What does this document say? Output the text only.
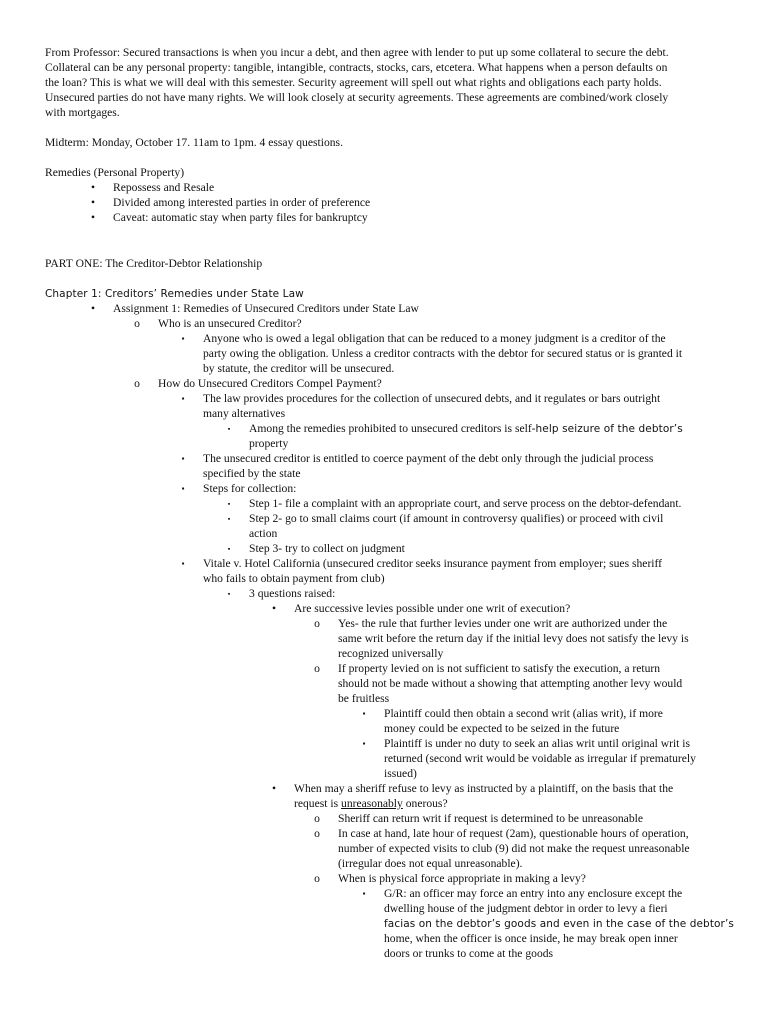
From Professor: Secured transactions is when you incur a debt, and then agree with lender to put up some collateral to secure the debt.
Collateral can be any personal property: tangible, intangible, contracts, stocks, cars, etcetera. What happens when a person defaults on
the loan? This is what we will deal with this semester. Security agreement will spell out what rights and obligations each party holds.
Unsecured parties do not have many rights. We will look closely at security agreements. These agreements are combined/work closely
with mortgages.
Midterm: Monday, October 17. 11am to 1pm. 4 essay questions.
Remedies (Personal Property)
•	Repossess and Resale
•	Divided among interested parties in order of preference
•	Caveat: automatic stay when party files for bankruptcy
PART ONE: The Creditor-Debtor Relationship
Chapter 1: Creditors’ Remedies under State Law
•	Assignment 1: Remedies of Unsecured Creditors under State Law
o Who is an unsecured Creditor?
▪	Anyone who is owed a legal obligation that can be reduced to a money judgment is a creditor of the
party owing the obligation. Unless a creditor contracts with the debtor for secured status or is granted it
by statute, the creditor will be unsecured.
o How do Unsecured Creditors Compel Payment?
▪	The law provides procedures for the collection of unsecured debts, and it regulates or bars outright
many alternatives
▪	Among the remedies prohibited to unsecured creditors is self-help seizure of the debtor’s
property
▪	The unsecured creditor is entitled to coerce payment of the debt only through the judicial process
specified by the state
▪	Steps for collection:
▪	Step 1- file a complaint with an appropriate court, and serve process on the debtor-defendant.
▪	Step 2- go to small claims court (if amount in controversy qualifies) or proceed with civil
action
▪	Step 3- try to collect on judgment
▪	Vitale v. Hotel California (unsecured creditor seeks insurance payment from employer; sues sheriff
who fails to obtain payment from club)
▪	3 questions raised:
•	Are successive levies possible under one writ of execution?
o Yes- the rule that further levies under one writ are authorized under the
same writ before the return day if the initial levy does not satisfy the levy is
recognized universally
o If property levied on is not sufficient to satisfy the execution, a return
should not be made without a showing that attempting another levy would
be fruitless
▪	Plaintiff could then obtain a second writ (alias writ), if more
money could be expected to be seized in the future
▪	Plaintiff is under no duty to seek an alias writ until original writ is
returned (second writ would be voidable as irregular if prematurely
issued)
•	When may a sheriff refuse to levy as instructed by a plaintiff, on the basis that the
request is unreasonably onerous?
o Sheriff can return writ if request is determined to be unreasonable
o In case at hand, late hour of request (2am), questionable hours of operation,
number of expected visits to club (9) did not make the request unreasonable
(irregular does not equal unreasonable).
o When is physical force appropriate in making a levy?
▪	G/R: an officer may force an entry into any enclosure except the
dwelling house of the judgment debtor in order to levy a fieri
facias on the debtor’s goods and even in the case of the debtor’s
home, when the officer is once inside, he may break open inner
doors or trunks to come at the goods
